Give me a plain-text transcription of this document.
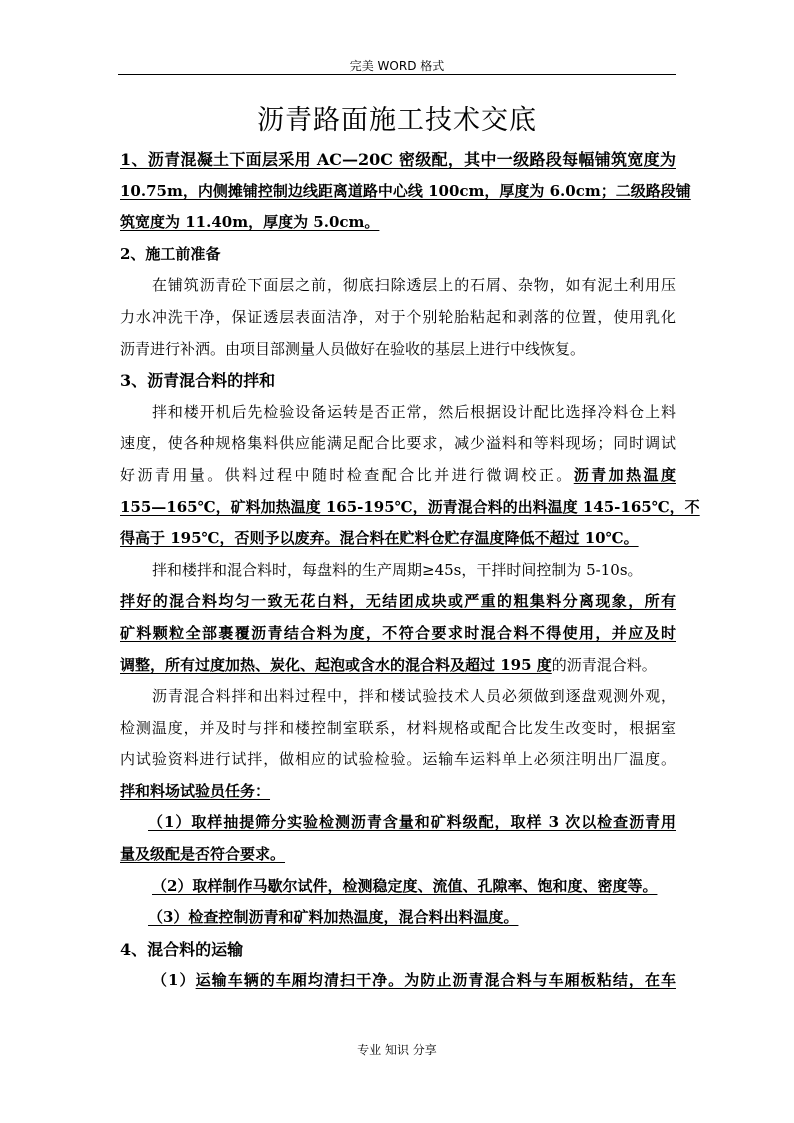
完美 WORD 格式
沥青路面施工技术交底
1、沥青混凝土下面层采用 AC—20C 密级配，其中一级路段每幅铺筑宽度为
10.75m，内侧摊铺控制边线距离道路中心线 100cm，厚度为 6.0cm；二级路段铺
筑宽度为 11.40m，厚度为 5.0cm。
2、施工前准备
在铺筑沥青砼下面层之前，彻底扫除透层上的石屑、杂物，如有泥土利用压
力水冲洗干净，保证透层表面洁净，对于个别轮胎粘起和剥落的位置，使用乳化
沥青进行补洒。由项目部测量人员做好在验收的基层上进行中线恢复。
3、沥青混合料的拌和
拌和楼开机后先检验设备运转是否正常，然后根据设计配比选择冷料仓上料
速度，使各种规格集料供应能满足配合比要求，减少溢料和等料现场；同时调试
好沥青用量。供料过程中随时检查配合比并进行微调校正。沥青加热温度
155—165℃，矿料加热温度 165-195℃，沥青混合料的出料温度 145-165℃，不
得高于 195℃，否则予以废弃。混合料在贮料仓贮存温度降低不超过 10℃。
拌和楼拌和混合料时，每盘料的生产周期≥45s，干拌时间控制为 5-10s。
拌好的混合料均匀一致无花白料，无结团成块或严重的粗集料分离现象，所有
矿料颗粒全部裹覆沥青结合料为度，不符合要求时混合料不得使用，并应及时
调整，所有过度加热、炭化、起泡或含水的混合料及超过 195 度的沥青混合料。
沥青混合料拌和出料过程中，拌和楼试验技术人员必须做到逐盘观测外观，
检测温度，并及时与拌和楼控制室联系，材料规格或配合比发生改变时，根据室
内试验资料进行试拌，做相应的试验检验。运输车运料单上必须注明出厂温度。
拌和料场试验员任务：
（1）取样抽提筛分实验检测沥青含量和矿料级配，取样 3 次以检查沥青用
量及级配是否符合要求。
（2）取样制作马歇尔试件，检测稳定度、流值、孔隙率、饱和度、密度等。
（3）检查控制沥青和矿料加热温度，混合料出料温度。
4、混合料的运输
（1）运输车辆的车厢均清扫干净。为防止沥青混合料与车厢板粘结，在车
专业 知识 分享
